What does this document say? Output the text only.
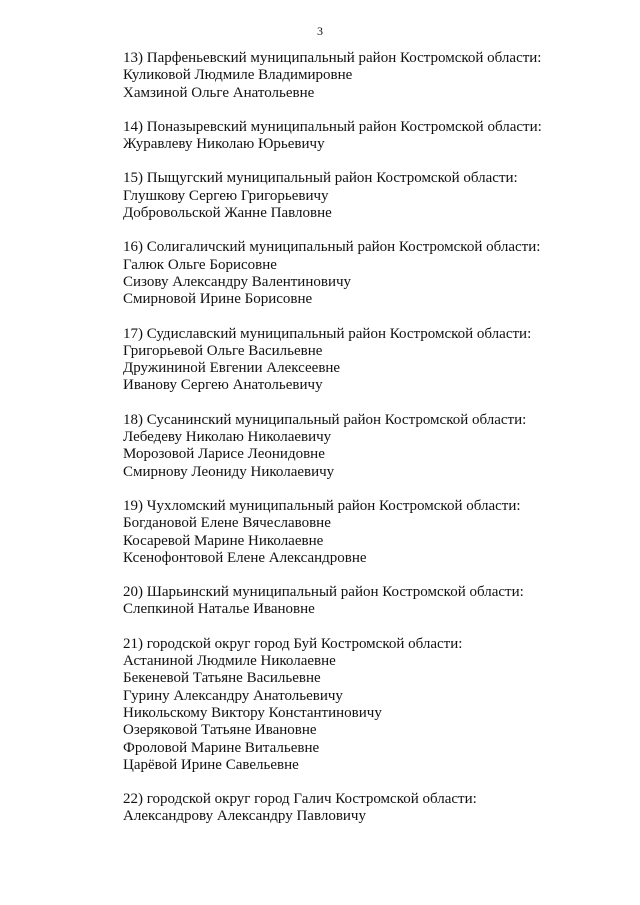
3
13) Парфеньевский муниципальный район Костромской области:
Куликовой Людмиле Владимировне
Хамзиной Ольге Анатольевне
14) Поназыревский муниципальный район Костромской области:
Журавлеву Николаю Юрьевичу
15) Пыщугский муниципальный район Костромской области:
Глушкову Сергею Григорьевичу
Добровольской Жанне Павловне
16) Солигаличский муниципальный район Костромской области:
Галюк Ольге Борисовне
Сизову Александру Валентиновичу
Смирновой Ирине Борисовне
17) Судиславский муниципальный район Костромской области:
Григорьевой Ольге Васильевне
Дружининой Евгении Алексеевне
Иванову Сергею Анатольевичу
18) Сусанинский муниципальный район Костромской области:
Лебедеву Николаю Николаевичу
Морозовой Ларисе Леонидовне
Смирнову Леониду Николаевичу
19) Чухломский муниципальный район Костромской области:
Богдановой Елене Вячеславовне
Косаревой Марине Николаевне
Ксенофонтовой Елене Александровне
20) Шарьинский муниципальный район Костромской области:
Слепкиной Наталье Ивановне
21) городской округ город Буй Костромской области:
Астаниной Людмиле Николаевне
Бекеневой Татьяне Васильевне
Гурину Александру Анатольевичу
Никольскому Виктору Константиновичу
Озеряковой Татьяне Ивановне
Фроловой Марине Витальевне
Царёвой Ирине Савельевне
22) городской округ город Галич Костромской области:
Александрову Александру Павловичу
